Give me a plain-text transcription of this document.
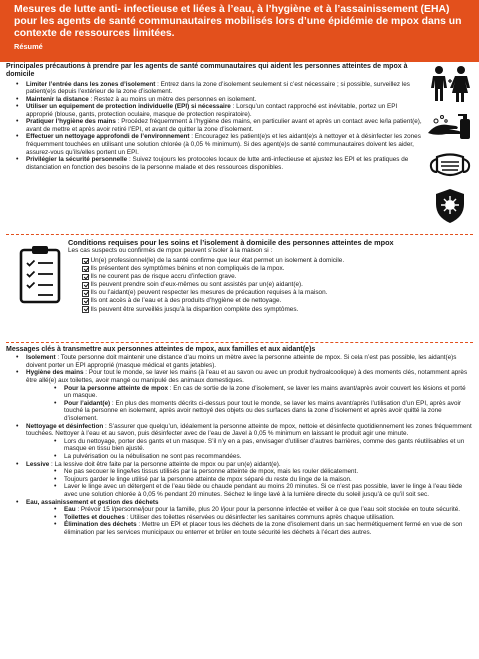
Mesures de lutte anti- infectieuse et liées à l’eau, à l’hygiène et à l’assainissement (EHA) pour les agents de santé communautaires mobilisés lors d’une épidémie de mpox dans un contexte de ressources limitées.
Résumé
Principales précautions à prendre par les agents de santé communautaires qui aident les personnes atteintes de mpox à domicile
• Limiter l’entrée dans les zones d’isolement : Entrez dans la zone d’isolement seulement si c’est nécessaire ; si possible, surveillez les patient(e)s depuis l’extérieur de la zone d’isolement.
• Maintenir la distance : Restez à au moins un mètre des personnes en isolement.
• Utiliser un equipement de protection individuelle (EPI) si nécessaire : Lorsqu’un contact rapproché est inévitable, portez un EPI approprié (blouse, gants, protection oculaire, masque de protection respiratoire).
• Pratiquer l’hygiène des mains : Procédez fréquemment à l’hygiène des mains, en particulier avant et après un contact avec le/la patient(e), avant de mettre et après avoir retiré l’EPI, et avant de quitter la zone d’isolement.
• Effectuer un nettoyage approfondi de l’environnement : Encouragez les patient(e)s et les aidant(e)s à nettoyer et à désinfecter les zones fréquemment touchées en utilisant une solution chlorée (à 0,05 % minimum). Si des agent(e)s de santé communautaires doivent les aider, assurez-vous qu’ils/elles portent un EPI.
• Privilégier la sécurité personnelle : Suivez toujours les protocoles locaux de lutte anti-infectieuse et ajustez les EPI et les pratiques de distanciation en fonction des besoins de la personne malade et des ressources disponibles.
Conditions requises pour les soins et l’isolement à domicile des personnes atteintes de mpox
Les cas suspects ou confirmés de mpox peuvent s’isoler à la maison si :
Un(e) professionnel(le) de la santé confirme que leur état permet un isolement à domicile.
Ils présentent des symptômes bénins et non compliqués de la mpox.
Ils ne courent pas de risque accru d’infection grave.
Ils peuvent prendre soin d’eux-mêmes ou sont assistés par un(e) aidant(e).
Ils ou l’aidant(e) peuvent respecter les mesures de précaution requises à la maison.
Ils ont accès à de l’eau et à des produits d’hygiène et de nettoyage.
Ils peuvent être surveillés jusqu’à la disparition complète des symptômes.
Messages clés à transmettre aux personnes atteintes de mpox, aux familles et aux aidant(e)s
• Isolement : Toute personne doit maintenir une distance d’au moins un mètre avec la personne atteinte de mpox. Si cela n’est pas possible, les aidant(e)s doivent porter un EPI approprié (masque médical et gants jetables).
• Hygiène des mains : Pour tout le monde, se laver les mains (à l’eau et au savon ou avec un produit hydroalcoolique) à des moments clés, notamment après être allé(e) aux toilettes, avoir mangé ou manipulé des animaux domestiques.
• Pour la personne atteinte de mpox : En cas de sortie de la zone d’isolement, se laver les mains avant/après avoir couvert les lésions et porté un masque.
• Pour l’aidant(e) : En plus des moments décrits ci-dessus pour tout le monde, se laver les mains avant/après l’utilisation d’un EPI, après avoir touché la personne en isolement, après avoir nettoyé des objets ou des surfaces dans la zone d’isolement et après avoir quitté la zone d’isolement.
• Nettoyage et désinfection : S’assurer que quelqu’un, idéalement la personne atteinte de mpox, nettoie et désinfecte quotidiennement les zones fréquemment touchées. Nettoyer à l’eau et au savon, puis désinfecter avec de l’eau de Javel à 0,05 % minimum en laissant le produit agir une minute.
• Lors du nettoyage, porter des gants et un masque. S’il n’y en a pas, envisager d’utiliser d’autres barrières, comme des gants réutilisables et un masque en tissu bien ajusté.
• La pulvérisation ou la nébulisation ne sont pas recommandées.
• Lessive : La lessive doit être faite par la personne atteinte de mpox ou par un(e) aidant(e).
• Ne pas secouer le linge/les tissus utilisés par la personne atteinte de mpox, mais les rouler délicatement.
• Toujours garder le linge utilisé par la personne atteinte de mpox séparé du reste du linge de la maison.
• Laver le linge avec un détergent et de l’eau tiède ou chaude pendant au moins 20 minutes. Si ce n’est pas possible, laver le linge à l’eau tiède avec une solution chlorée à 0,05 % pendant 20 minutes. Séchez le linge lavé à la lumière directe du soleil jusqu’à ce qu’il soit sec.
• Eau, assainissement et gestion des déchets
• Eau : Prévoir 15 l/personne/jour pour la famille, plus 20 l/jour pour la personne infectée et veiller à ce que l’eau soit stockée en toute sécurité.
• Toilettes et douches : Utiliser des toilettes réservées ou désinfecter les sanitaires communs après chaque utilisation.
• Élimination des déchets : Mettre un EPI et placer tous les déchets de la zone d’isolement dans un sac hermétiquement fermé en vue de son élimination par les services municipaux ou enterrer et brûler en toute sécurité les déchets à l’écart des autres.
